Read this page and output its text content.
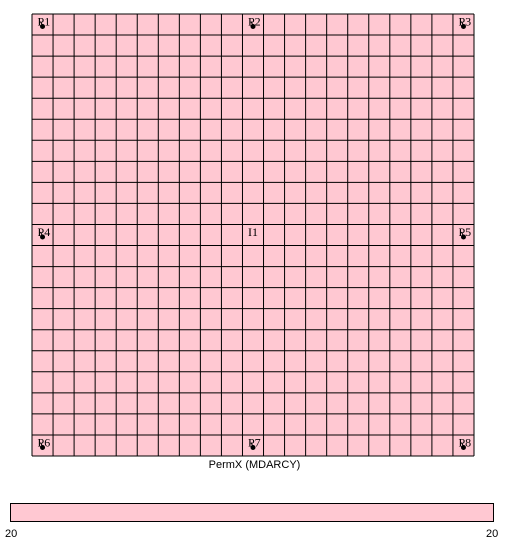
P1	P2	P3
P4	I1	P5
P6	P7	P8
PermX (MDARCY)
20	20
